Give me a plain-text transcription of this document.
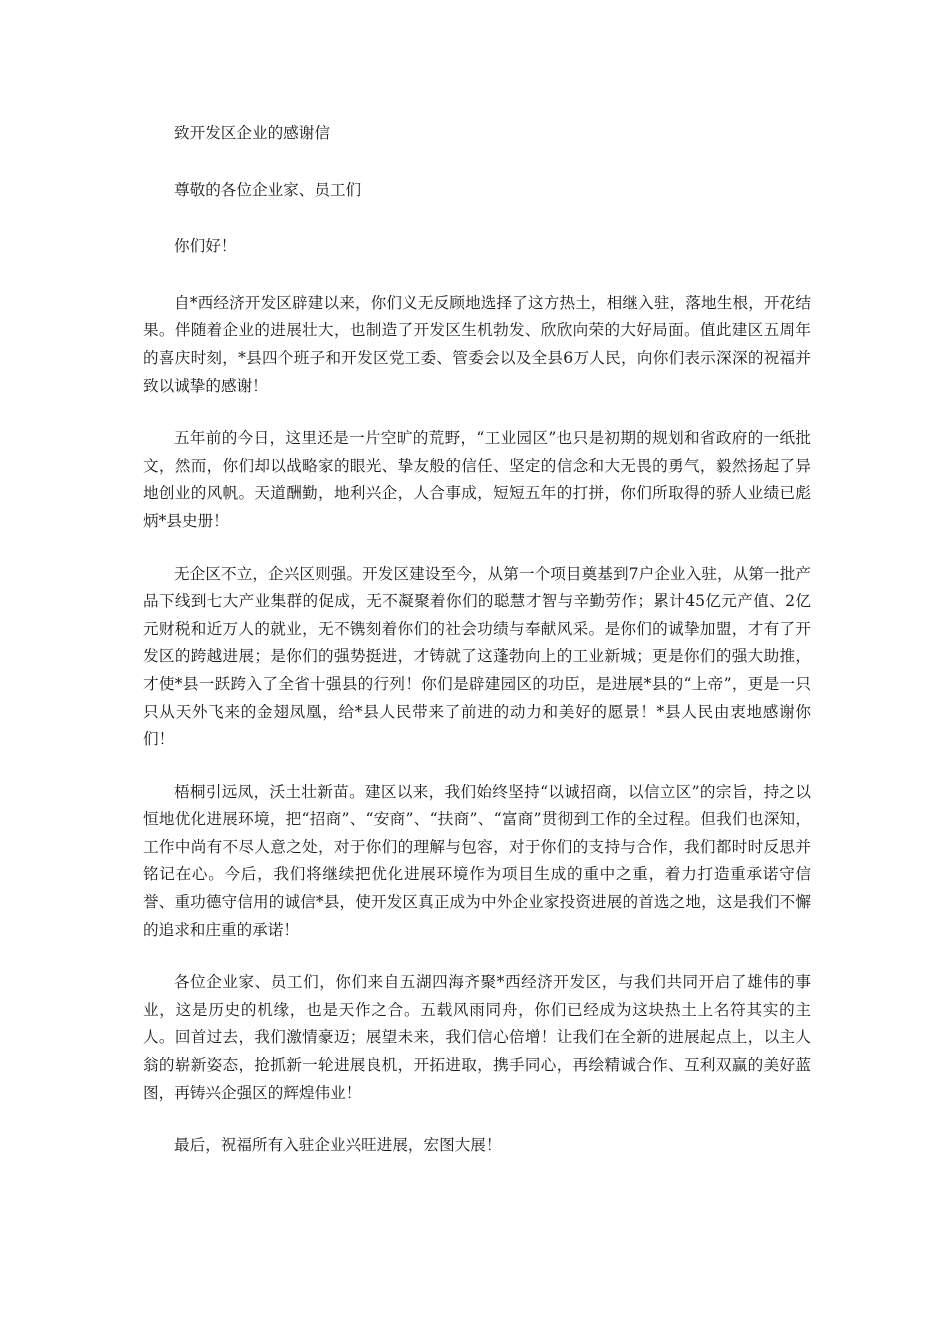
致开发区企业的感谢信

尊敬的各位企业家、员工们

你们好！

自*西经济开发区辟建以来，你们义无反顾地选择了这方热土，相继入驻，落地生根，开花结果。伴随着企业的进展壮大，也制造了开发区生机勃发、欣欣向荣的大好局面。值此建区五周年的喜庆时刻，*县四个班子和开发区党工委、管委会以及全县6万人民，向你们表示深深的祝福并致以诚挚的感谢！

五年前的今日，这里还是一片空旷的荒野，“工业园区”也只是初期的规划和省政府的一纸批文，然而，你们却以战略家的眼光、挚友般的信任、坚定的信念和大无畏的勇气，毅然扬起了异地创业的风帆。天道酬勤，地利兴企，人合事成，短短五年的打拼，你们所取得的骄人业绩已彪炳*县史册！

无企区不立，企兴区则强。开发区建设至今，从第一个项目奠基到7户企业入驻，从第一批产品下线到七大产业集群的促成，无不凝聚着你们的聪慧才智与辛勤劳作；累计45亿元产值、2亿元财税和近万人的就业，无不镌刻着你们的社会功绩与奉献风采。是你们的诚挚加盟，才有了开发区的跨越进展；是你们的强势挺进，才铸就了这蓬勃向上的工业新城；更是你们的强大助推，才使*县一跃跨入了全省十强县的行列！你们是辟建园区的功臣，是进展*县的“上帝”，更是一只只从天外飞来的金翅凤凰，给*县人民带来了前进的动力和美好的愿景！*县人民由衷地感谢你们！

梧桐引远凤，沃土壮新苗。建区以来，我们始终坚持“以诚招商，以信立区”的宗旨，持之以恒地优化进展环境，把“招商”、“安商”、“扶商”、“富商”贯彻到工作的全过程。但我们也深知，工作中尚有不尽人意之处，对于你们的理解与包容，对于你们的支持与合作，我们都时时反思并铭记在心。今后，我们将继续把优化进展环境作为项目生成的重中之重，着力打造重承诺守信誉、重功德守信用的诚信*县，使开发区真正成为中外企业家投资进展的首选之地，这是我们不懈的追求和庄重的承诺！

各位企业家、员工们，你们来自五湖四海齐聚*西经济开发区，与我们共同开启了雄伟的事业，这是历史的机缘，也是天作之合。五载风雨同舟，你们已经成为这块热土上名符其实的主人。回首过去，我们激情豪迈；展望未来，我们信心倍增！让我们在全新的进展起点上，以主人翁的崭新姿态，抢抓新一轮进展良机，开拓进取，携手同心，再绘精诚合作、互利双赢的美好蓝图，再铸兴企强区的辉煌伟业！

最后，祝福所有入驻企业兴旺进展，宏图大展！
